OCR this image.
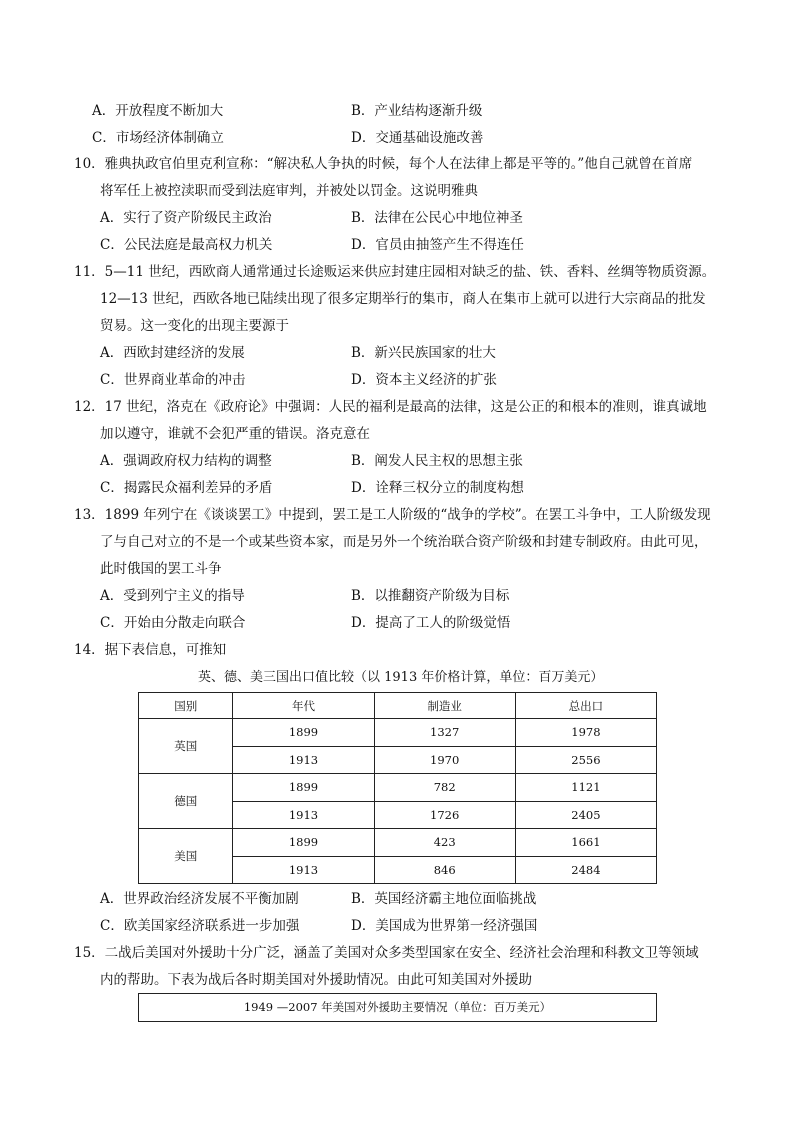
A．开放程度不断加大	B．产业结构逐渐升级
C．市场经济体制确立	D．交通基础设施改善
10．雅典执政官伯里克利宣称：“解决私人争执的时候，每个人在法律上都是平等的。”他自己就曾在首席
将军任上被控渎职而受到法庭审判，并被处以罚金。这说明雅典
A．实行了资产阶级民主政治	B．法律在公民心中地位神圣
C．公民法庭是最高权力机关	D．官员由抽签产生不得连任
11．5—11 世纪，西欧商人通常通过长途贩运来供应封建庄园相对缺乏的盐、铁、香料、丝绸等物质资源。
12—13 世纪，西欧各地已陆续出现了很多定期举行的集市，商人在集市上就可以进行大宗商品的批发
贸易。这一变化的出现主要源于
A．西欧封建经济的发展	B．新兴民族国家的壮大
C．世界商业革命的冲击	D．资本主义经济的扩张
12．17 世纪，洛克在《政府论》中强调：人民的福利是最高的法律，这是公正的和根本的准则，谁真诚地
加以遵守，谁就不会犯严重的错误。洛克意在
A．强调政府权力结构的调整	B．阐发人民主权的思想主张
C．揭露民众福利差异的矛盾	D．诠释三权分立的制度构想
13．1899 年列宁在《谈谈罢工》中提到，罢工是工人阶级的“战争的学校”。在罢工斗争中，工人阶级发现
了与自己对立的不是一个或某些资本家，而是另外一个统治联合资产阶级和封建专制政府。由此可见，
此时俄国的罢工斗争
A．受到列宁主义的指导	B．以推翻资产阶级为目标
C．开始由分散走向联合	D．提高了工人的阶级觉悟
14．据下表信息，可推知
英、德、美三国出口值比较（以 1913 年价格计算，单位：百万美元）
国别	年代	制造业	总出口
英国	1899	1327	1978
	1913	1970	2556
德国	1899	782	1121
	1913	1726	2405
美国	1899	423	1661
	1913	846	2484
A．世界政治经济发展不平衡加剧	B．英国经济霸主地位面临挑战
C．欧美国家经济联系进一步加强	D．美国成为世界第一经济强国
15．二战后美国对外援助十分广泛，涵盖了美国对众多类型国家在安全、经济社会治理和科教文卫等领域
内的帮助。下表为战后各时期美国对外援助情况。由此可知美国对外援助
1949 —2007 年美国对外援助主要情况（单位：百万美元）
